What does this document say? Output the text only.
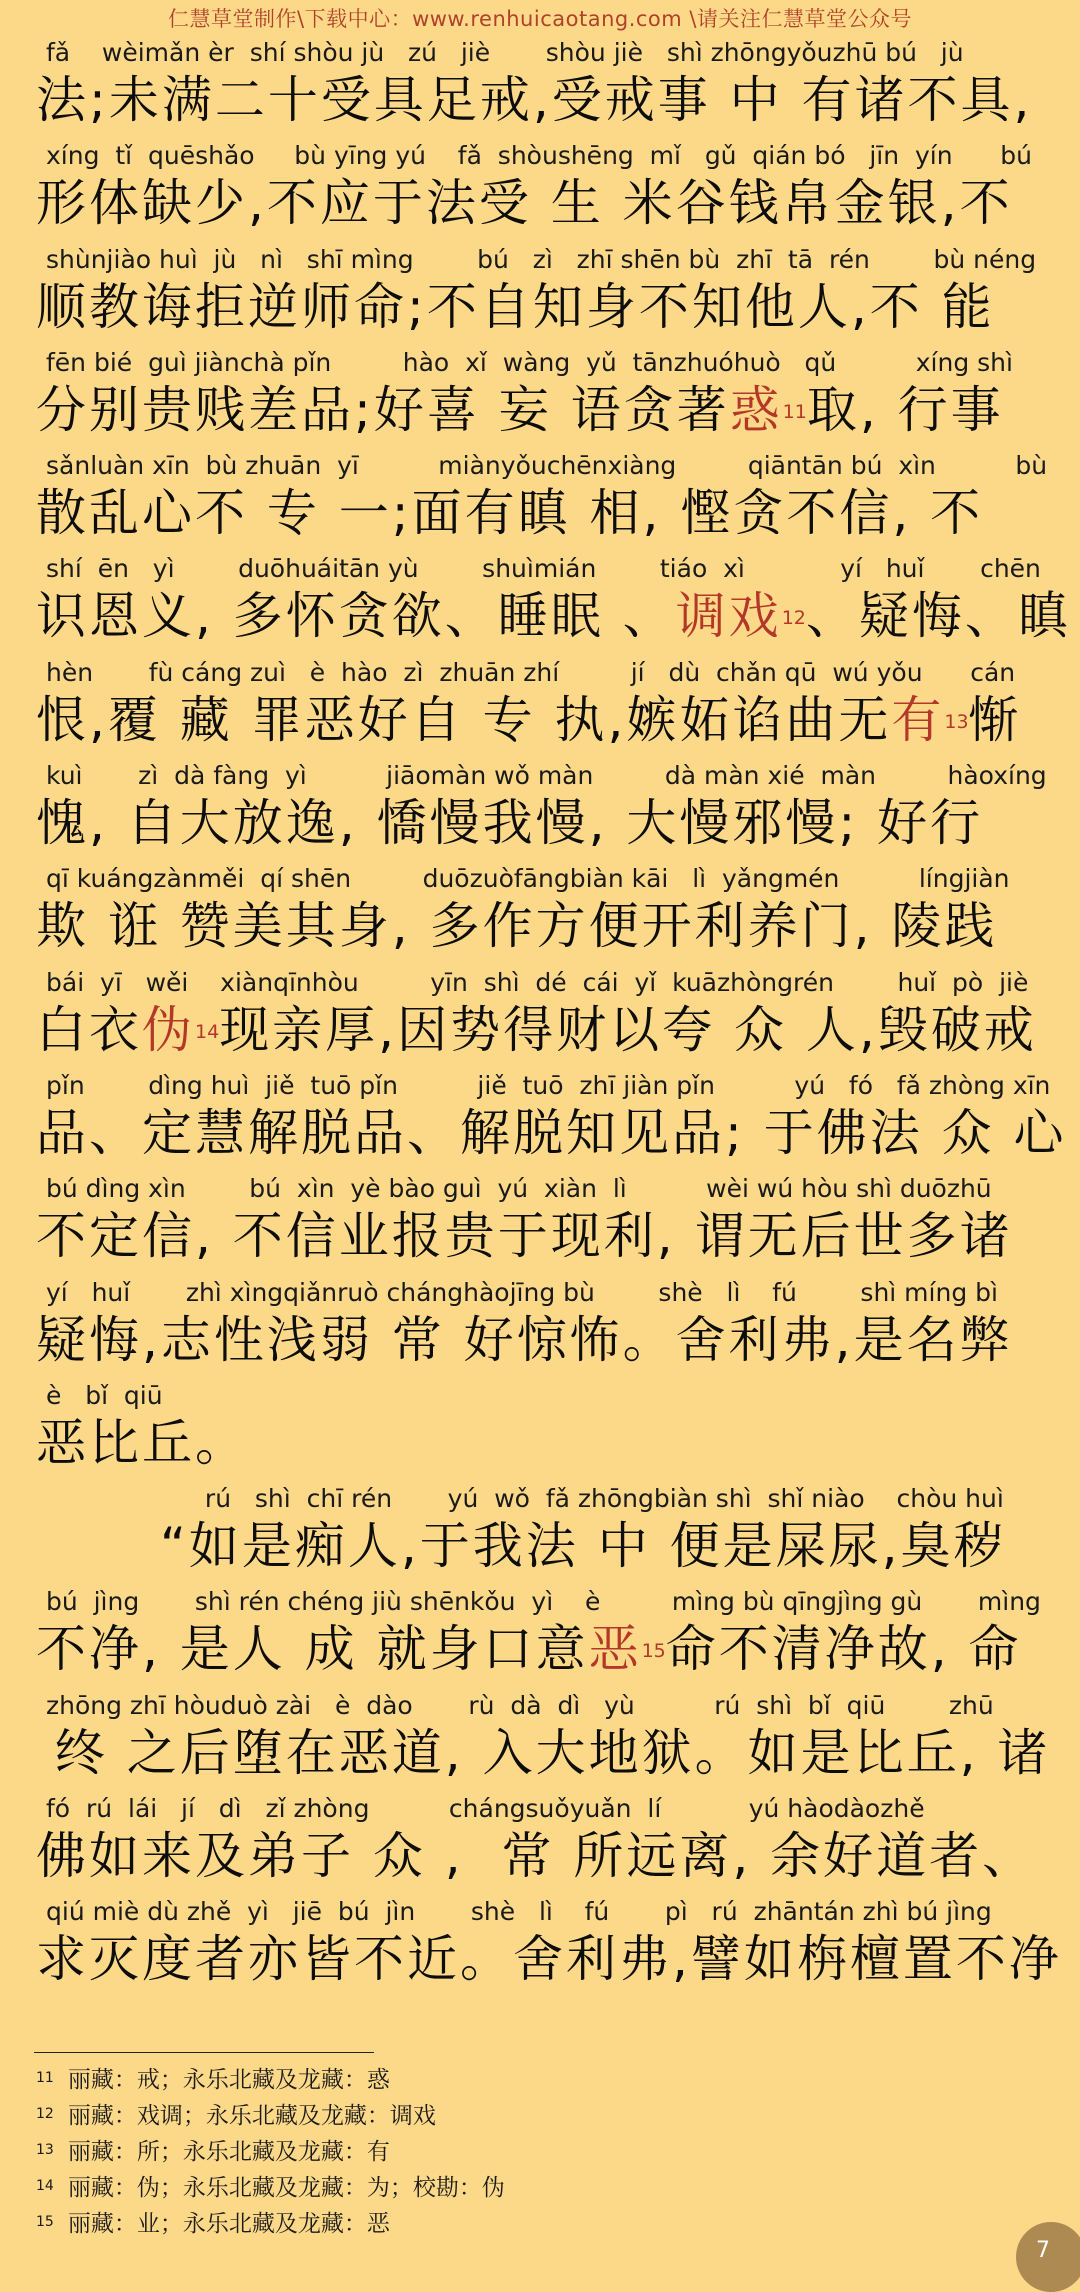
仁慧草堂制作\下载中心：www.renhuicaotang.com \请关注仁慧草堂公众号
fǎ    wèimǎn èr  shí shòu jù   zú   jiè       shòu jiè   shì zhōngyǒuzhū bú   jù
法;未满二十受具足戒,受戒事 中 有诸不具,
xíng  tǐ  quēshǎo     bù yīng yú    fǎ  shòushēng  mǐ   gǔ  qián bó   jīn  yín      bú
形体缺少,不应于法受 生 米谷钱帛金银,不
shùnjiào huì  jù   nì   shī mìng        bú   zì   zhī shēn bù  zhī  tā  rén        bù néng
顺教诲拒逆师命;不自知身不知他人,不 能
fēn bié  guì jiànchà pǐn         hào  xǐ  wàng  yǔ  tānzhuóhuò   qǔ          xíng shì
分别贵贱差品;好喜 妄 语贪著惑$^{11}$取, 行事
sǎnluàn xīn  bù zhuān  yī          miànyǒuchēnxiàng         qiāntān bú  xìn          bù
散乱心不 专 一;面有瞋 相, 慳贪不信, 不
shí  ēn   yì        duōhuáitān yù        shuìmián        tiáo  xì            yí   huǐ       chēn
识恩义, 多怀贪欲、睡眠 、调戏$^{12}$、疑悔、瞋
hèn       fù cáng zuì   è  hào  zì  zhuān zhí         jí   dù  chǎn qū  wú yǒu      cán
恨,覆 藏 罪恶好自 专 执,嫉妬谄曲无有$^{13}$惭
kuì       zì  dà fàng  yì          jiāomàn wǒ màn         dà màn xié  màn         hàoxíng
愧, 自大放逸, 憍慢我慢, 大慢邪慢; 好行
qī kuángzànměi  qí shēn         duōzuòfāngbiàn kāi   lì  yǎngmén          língjiàn
欺 诳 赞美其身, 多作方便开利养门, 陵践
bái  yī   wěi    xiànqīnhòu         yīn  shì  dé  cái  yǐ  kuāzhòngrén        huǐ  pò  jiè
白衣伪$^{14}$现亲厚,因势得财以夸 众 人,毁破戒
pǐn        dìng huì  jiě  tuō pǐn          jiě  tuō  zhī jiàn pǐn          yú   fó   fǎ zhòng xīn
品、定慧解脱品、解脱知见品; 于佛法 众 心
bú dìng xìn        bú  xìn  yè bào guì  yú  xiàn  lì          wèi wú hòu shì duōzhū
不定信, 不信业报贵于现利, 谓无后世多诸
yí   huǐ       zhì xìngqiǎnruò chánghàojīng bù        shè   lì    fú        shì míng bì
疑悔,志性浅弱 常 好惊怖。舍利弗,是名弊
è   bǐ  qiū
恶比丘。
rú   shì  chī rén       yú  wǒ  fǎ zhōngbiàn shì  shǐ niào    chòu huì
“如是痴人,于我法 中 便是屎尿,臭秽
bú  jìng       shì rén chéng jiù shēnkǒu  yì    è         mìng bù qīngjìng gù       mìng
不净, 是人 成 就身口意恶$^{15}$命不清净故, 命
zhōng zhī hòuduò zài   è  dào       rù  dà  dì   yù          rú  shì  bǐ  qiū        zhū
终 之后堕在恶道, 入大地狱。如是比丘, 诸
fó  rú  lái   jí   dì   zǐ zhòng          chángsuǒyuǎn  lí           yú hàodàozhě
佛如来及弟子 众 ,  常 所远离, 余好道者、
qiú miè dù zhě  yì   jiē  bú  jìn       shè   lì    fú       pì   rú  zhāntán zhì bú jìng
求灭度者亦皆不近。舍利弗,譬如栴檀置不净
$^{11}$ 丽藏：戒；永乐北藏及龙藏：惑
$^{12}$ 丽藏：戏调；永乐北藏及龙藏：调戏
$^{13}$ 丽藏：所；永乐北藏及龙藏：有
$^{14}$ 丽藏：伪；永乐北藏及龙藏：为；校勘：伪
$^{15}$ 丽藏：业；永乐北藏及龙藏：恶
7
